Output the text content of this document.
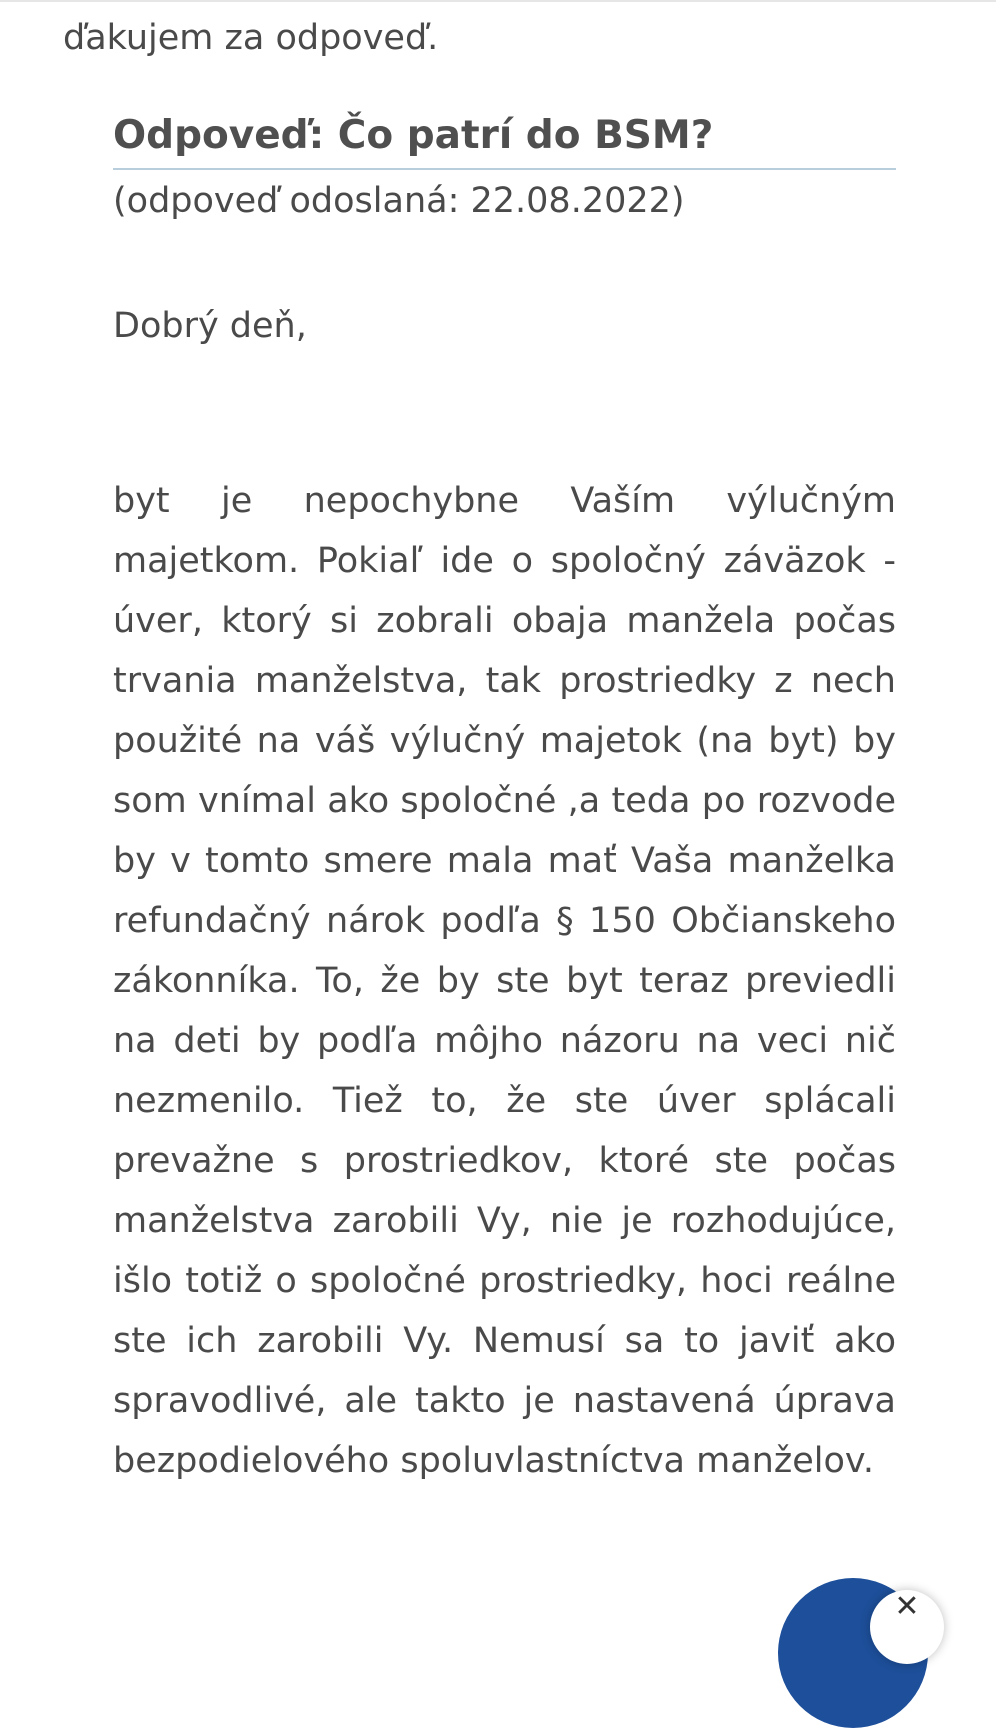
ďakujem za odpoveď.
Odpoveď: Čo patrí do BSM?
(odpoveď odoslaná: 22.08.2022)
Dobrý deň,

byt je nepochybne Vaším výlučným majetkom. Pokiaľ ide o spoločný záväzok - úver, ktorý si zobrali obaja manžela počas trvania manželstva, tak prostriedky z nech použité na váš výlučný majetok (na byt) by som vnímal ako spoločné ,a teda po rozvode by v tomto smere mala mať Vaša manželka refundačný nárok podľa § 150 Občianskeho zákonníka. To, že by ste byt teraz previedli na deti by podľa môjho názoru na veci nič nezmenilo. Tiež to, že ste úver splácali prevažne s prostriedkov, ktoré ste počas manželstva zarobili Vy, nie je rozhodujúce, išlo totiž o spoločné prostriedky, hoci reálne ste ich zarobili Vy. Nemusí sa to javiť ako spravodlivé, ale takto je nastavená úprava bezpodielového spoluvlastníctva manželov.

✕
